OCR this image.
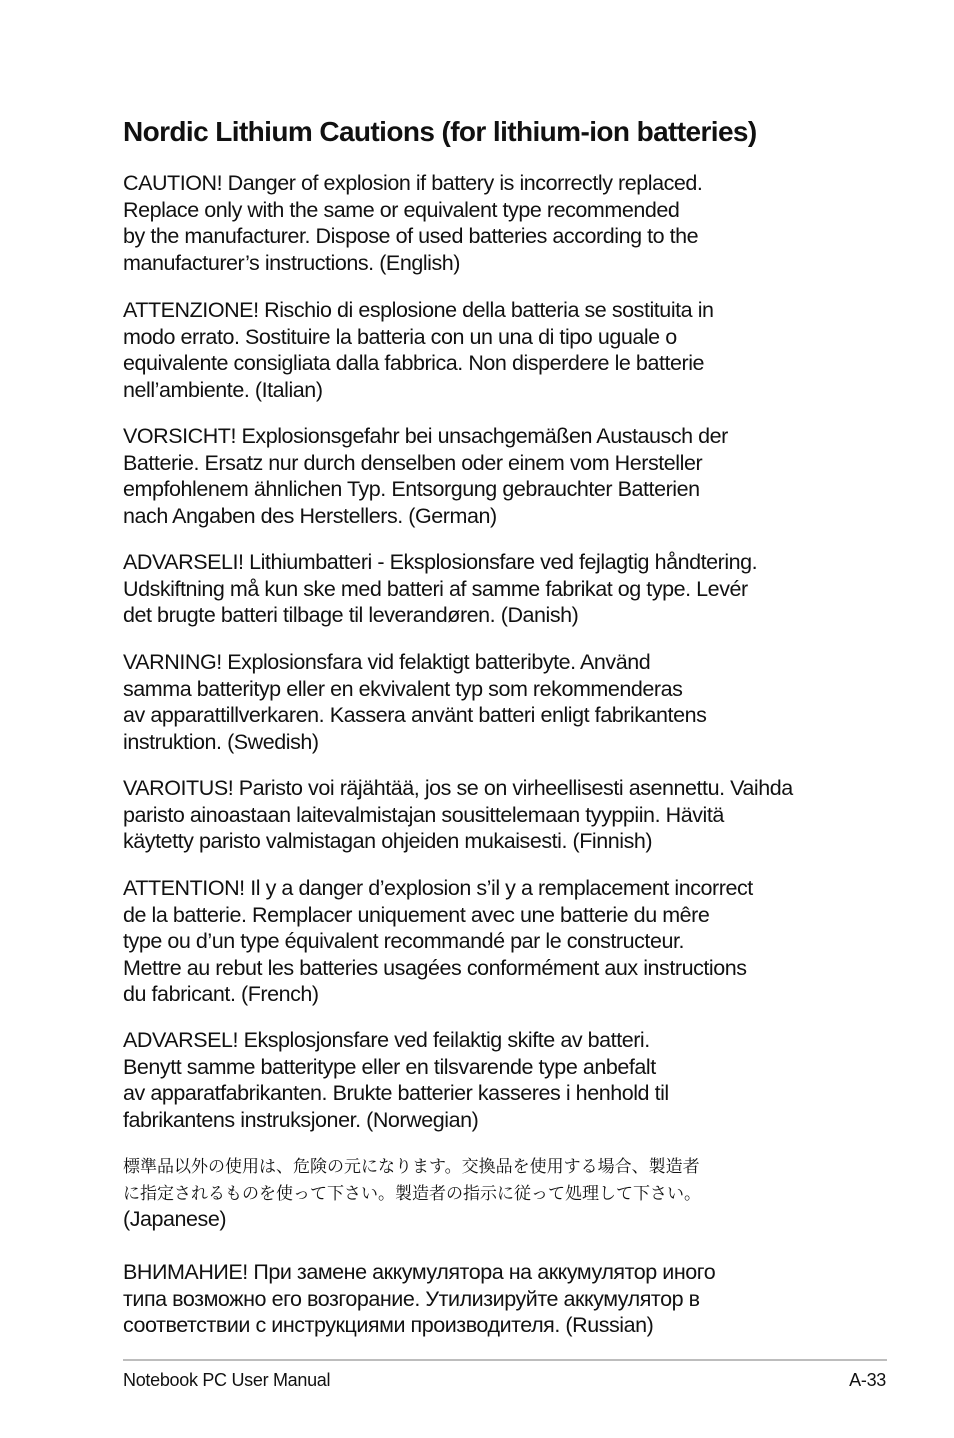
Nordic Lithium Cautions (for lithium-ion batteries)

CAUTION! Danger of explosion if battery is incorrectly replaced.
Replace only with the same or equivalent type recommended
by the manufacturer. Dispose of used batteries according to the
manufacturer’s instructions. (English)

ATTENZIONE! Rischio di esplosione della batteria se sostituita in
modo errato. Sostituire la batteria con un una di tipo uguale o
equivalente consigliata dalla fabbrica. Non disperdere le batterie
nell’ambiente. (Italian)

VORSICHT! Explosionsgefahr bei unsachgemäßen Austausch der
Batterie. Ersatz nur durch denselben oder einem vom Hersteller
empfohlenem ähnlichen Typ. Entsorgung gebrauchter Batterien
nach Angaben des Herstellers. (German)

ADVARSELI! Lithiumbatteri - Eksplosionsfare ved fejlagtig håndtering.
Udskiftning må kun ske med batteri af samme fabrikat og type. Levér
det brugte batteri tilbage til leverandøren. (Danish)

VARNING! Explosionsfara vid felaktigt batteribyte. Använd
samma batterityp eller en ekvivalent typ som rekommenderas
av apparattillverkaren. Kassera använt batteri enligt fabrikantens
instruktion. (Swedish)

VAROITUS! Paristo voi räjähtää, jos se on virheellisesti asennettu. Vaihda
paristo ainoastaan laitevalmistajan sousittelemaan tyyppiin. Hävitä
käytetty paristo valmistagan ohjeiden mukaisesti. (Finnish)

ATTENTION! Il y a danger d’explosion s’il y a remplacement incorrect
de la batterie. Remplacer uniquement avec une batterie du mêre
type ou d’un type équivalent recommandé par le constructeur.
Mettre au rebut les batteries usagées conformément aux instructions
du fabricant. (French)

ADVARSEL! Eksplosjonsfare ved feilaktig skifte av batteri.
Benytt samme batteritype eller en tilsvarende type anbefalt
av apparatfabrikanten. Brukte batterier kasseres i henhold til
fabrikantens instruksjoner. (Norwegian)

標準品以外の使用は、危険の元になります。交換品を使用する場合、製造者
に指定されるものを使って下さい。製造者の指示に従って処理して下さい。

(Japanese)

ВНИМАНИЕ! При замене аккумулятора на аккумулятор иного
типа возможно его возгорание. Утилизируйте аккумулятор в
соответствии с инструкциями производителя. (Russian)

Notebook PC User Manual	A-33
